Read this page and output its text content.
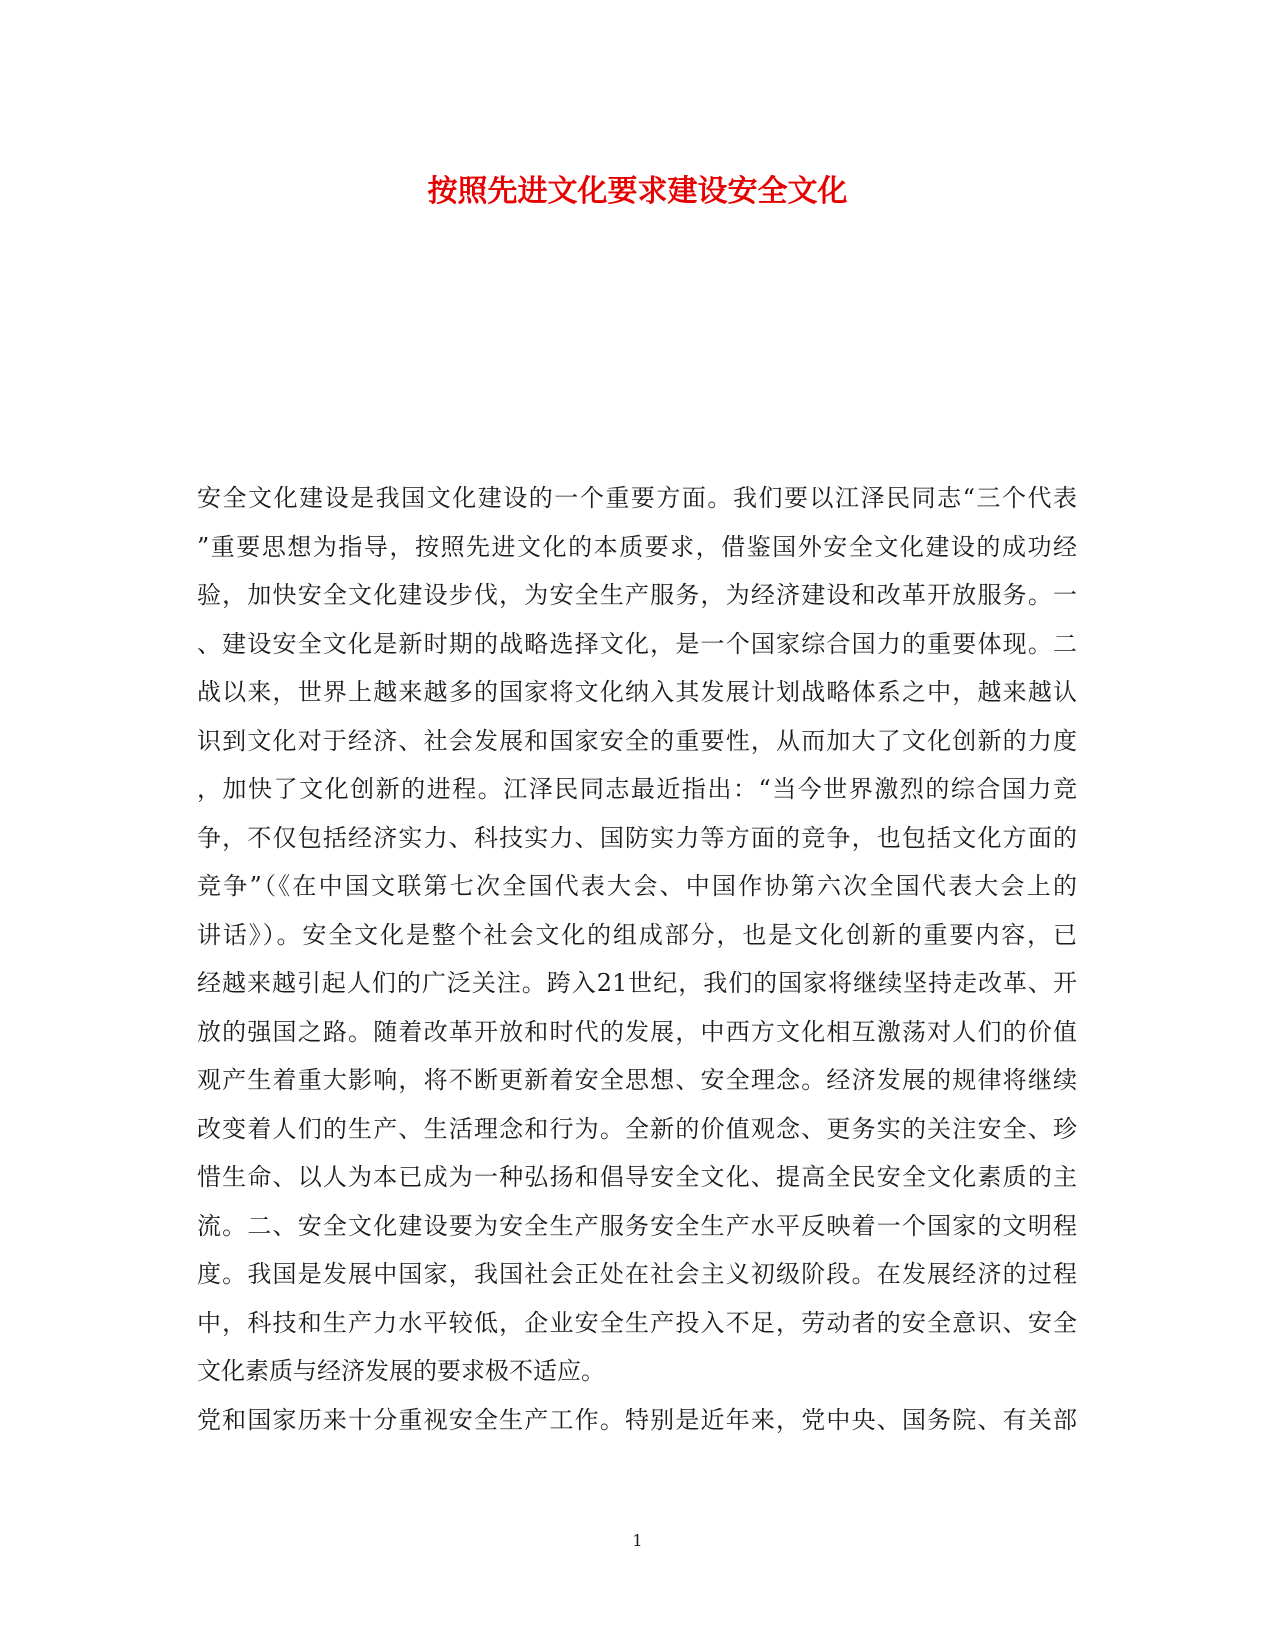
按照先进文化要求建设安全文化
安全文化建设是我国文化建设的一个重要方面。我们要以江泽民同志“三个代表
”重要思想为指导，按照先进文化的本质要求，借鉴国外安全文化建设的成功经
验，加快安全文化建设步伐，为安全生产服务，为经济建设和改革开放服务。一
、建设安全文化是新时期的战略选择文化，是一个国家综合国力的重要体现。二
战以来，世界上越来越多的国家将文化纳入其发展计划战略体系之中，越来越认
识到文化对于经济、社会发展和国家安全的重要性，从而加大了文化创新的力度
，加快了文化创新的进程。江泽民同志最近指出：“当今世界激烈的综合国力竞
争，不仅包括经济实力、科技实力、国防实力等方面的竞争，也包括文化方面的
竞争”（《在中国文联第七次全国代表大会、中国作协第六次全国代表大会上的
讲话》）。安全文化是整个社会文化的组成部分，也是文化创新的重要内容，已
经越来越引起人们的广泛关注。跨入21世纪，我们的国家将继续坚持走改革、开
放的强国之路。随着改革开放和时代的发展，中西方文化相互激荡对人们的价值
观产生着重大影响，将不断更新着安全思想、安全理念。经济发展的规律将继续
改变着人们的生产、生活理念和行为。全新的价值观念、更务实的关注安全、珍
惜生命、以人为本已成为一种弘扬和倡导安全文化、提高全民安全文化素质的主
流。二、安全文化建设要为安全生产服务安全生产水平反映着一个国家的文明程
度。我国是发展中国家，我国社会正处在社会主义初级阶段。在发展经济的过程
中，科技和生产力水平较低，企业安全生产投入不足，劳动者的安全意识、安全
文化素质与经济发展的要求极不适应。
党和国家历来十分重视安全生产工作。特别是近年来，党中央、国务院、有关部
1
